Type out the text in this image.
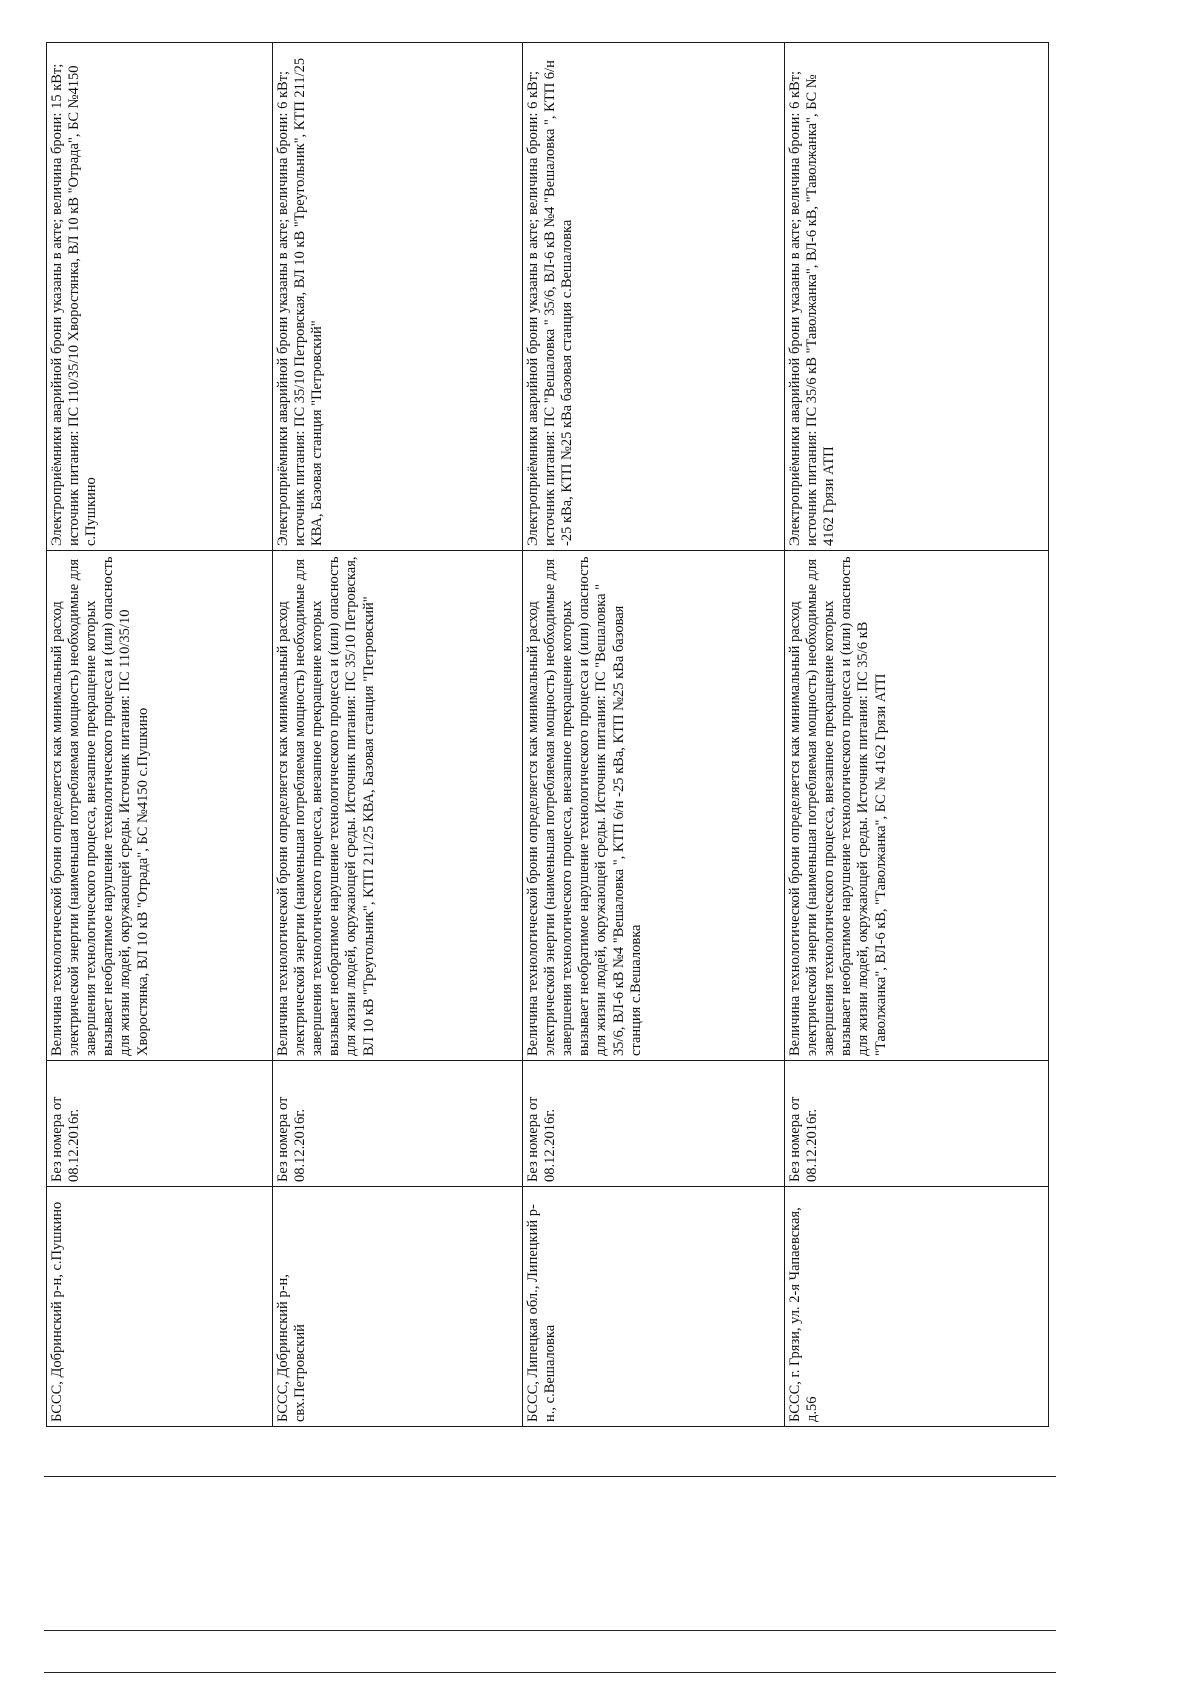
БССС, Добринский р-н, с.Пушкино	Без номера от 08.12.2016г.	Величина технологической брони определяется как минимальный расход электрической энергии (наименьшая потребляемая мощность) необходимые для завершения технологического процесса, внезапное прекращение которых вызывает необратимое нарушение технологического процесса и (или) опасность для жизни людей, окружающей среды. Источник питания: ПС 110/35/10 Хворостянка, ВЛ 10 кВ "Отрада", БС №4150 с.Пушкино	Электроприёмники аварийной брони указаны в акте; величина брони: 15 кВт; источник питания: ПС 110/35/10 Хворостянка, ВЛ 10 кВ "Отрада", БС №4150 с.Пушкино
БССС, Добринский р-н, свх.Петровский	Без номера от 08.12.2016г.	Величина технологической брони определяется как минимальный расход электрической энергии (наименьшая потребляемая мощность) необходимые для завершения технологического процесса, внезапное прекращение которых вызывает необратимое нарушение технологического процесса и (или) опасность для жизни людей, окружающей среды. Источник питания: ПС 35/10 Петровская, ВЛ 10 кВ "Треугольник", КТП 211/25 КВА, Базовая станция "Петровский"	Электроприёмники аварийной брони указаны в акте; величина брони: 6 кВт; источник питания: ПС 35/10 Петровская, ВЛ 10 кВ "Треугольник", КТП 211/25 КВА, Базовая станция "Петровский"
БССС, Липецкая обл., Липецкий р-н., с.Вешаловка	Без номера от 08.12.2016г.	Величина технологической брони определяется как минимальный расход электрической энергии (наименьшая потребляемая мощность) необходимые для завершения технологического процесса, внезапное прекращение которых вызывает необратимое нарушение технологического процесса и (или) опасность для жизни людей, окружающей среды. Источник питания: ПС "Вешаловка " 35/6, ВЛ-6 кВ №4 "Вешаловка ", КТП 6/н -25 кВа, КТП №25 кВа базовая станция с.Вешаловка	Электроприёмники аварийной брони указаны в акте; величина брони: 6 кВт; источник питания: ПС "Вешаловка " 35/6, ВЛ-6 кВ №4 "Вешаловка ", КТП 6/н -25 кВа, КТП №25 кВа базовая станция с.Вешаловка
БССС, г. Грязи, ул. 2-я Чапаевская, д.56	Без номера от 08.12.2016г.	Величина технологической брони определяется как минимальный расход электрической энергии (наименьшая потребляемая мощность) необходимые для завершения технологического процесса, внезапное прекращение которых вызывает необратимое нарушение технологического процесса и (или) опасность для жизни людей, окружающей среды. Источник питания: ПС 35/6 кВ "Таволжанка", ВЛ-6 кВ, "Таволжанка", БС № 4162 Грязи АТП	Электроприёмники аварийной брони указаны в акте; величина брони: 6 кВт; источник питания: ПС 35/6 кВ "Таволжанка", ВЛ-6 кВ, "Таволжанка", БС № 4162 Грязи АТП
